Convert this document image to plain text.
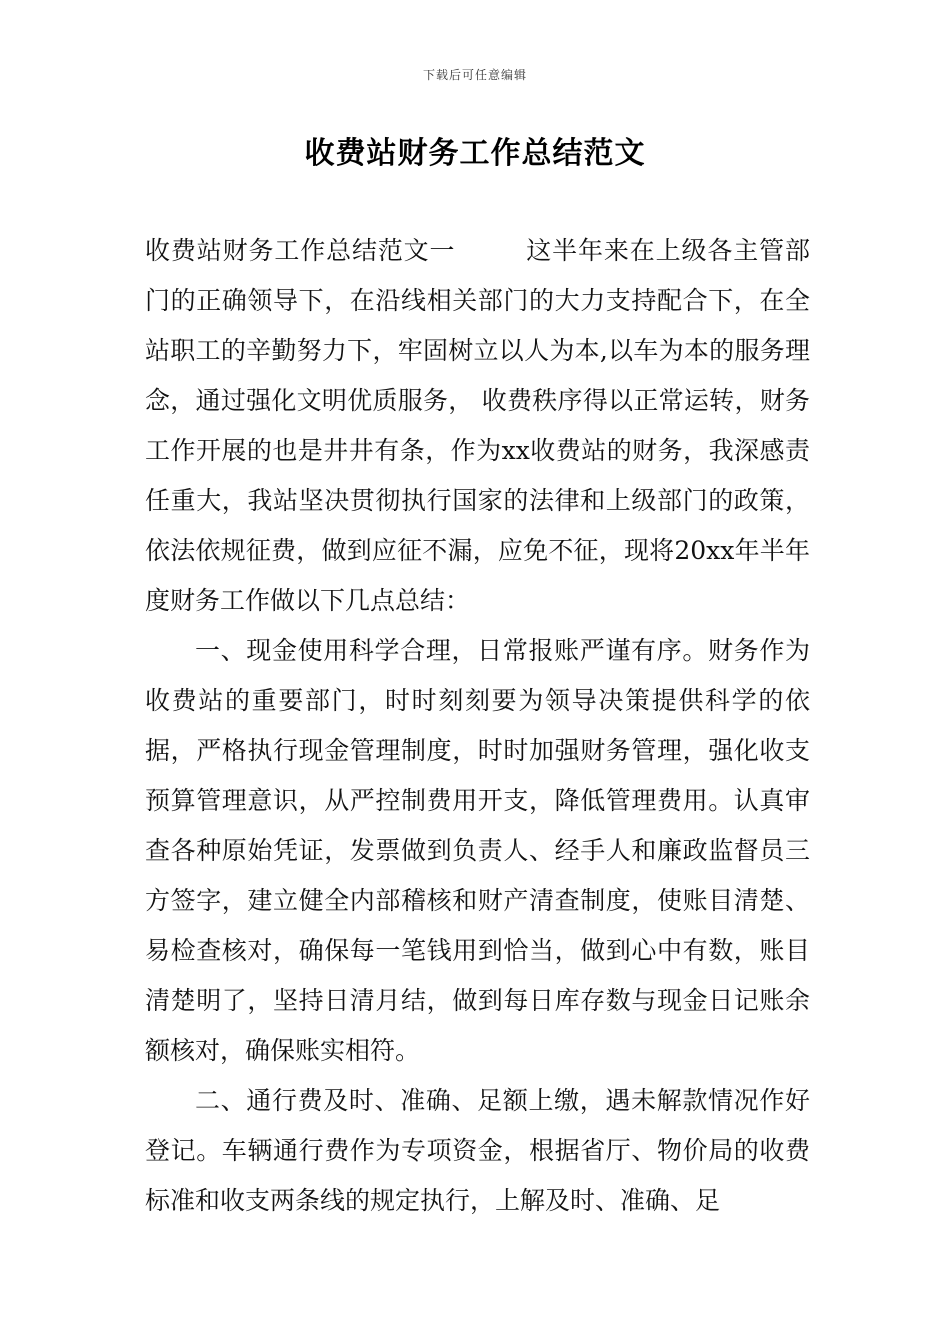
下载后可任意编辑
收费站财务工作总结范文

收费站财务工作总结范文一	这半年来在上级各主管部门的正确领导下，在沿线相关部门的大力支持配合下，在全站职工的辛勤努力下，牢固树立以人为本,以车为本的服务理念，通过强化文明优质服务， 收费秩序得以正常运转，财务工作开展的也是井井有条，作为xx收费站的财务，我深感责任重大，我站坚决贯彻执行国家的法律和上级部门的政策，依法依规征费，做到应征不漏，应免不征，现将20xx年半年度财务工作做以下几点总结：

一、现金使用科学合理，日常报账严谨有序。财务作为收费站的重要部门，时时刻刻要为领导决策提供科学的依据，严格执行现金管理制度，时时加强财务管理，强化收支预算管理意识，从严控制费用开支，降低管理费用。认真审查各种原始凭证，发票做到负责人、经手人和廉政监督员三方签字，建立健全内部稽核和财产清查制度，使账目清楚、易检查核对，确保每一笔钱用到恰当，做到心中有数，账目清楚明了，坚持日清月结，做到每日库存数与现金日记账余额核对，确保账实相符。

二、通行费及时、准确、足额上缴，遇未解款情况作好登记。车辆通行费作为专项资金，根据省厅、物价局的收费标准和收支两条线的规定执行，上解及时、准确、足
